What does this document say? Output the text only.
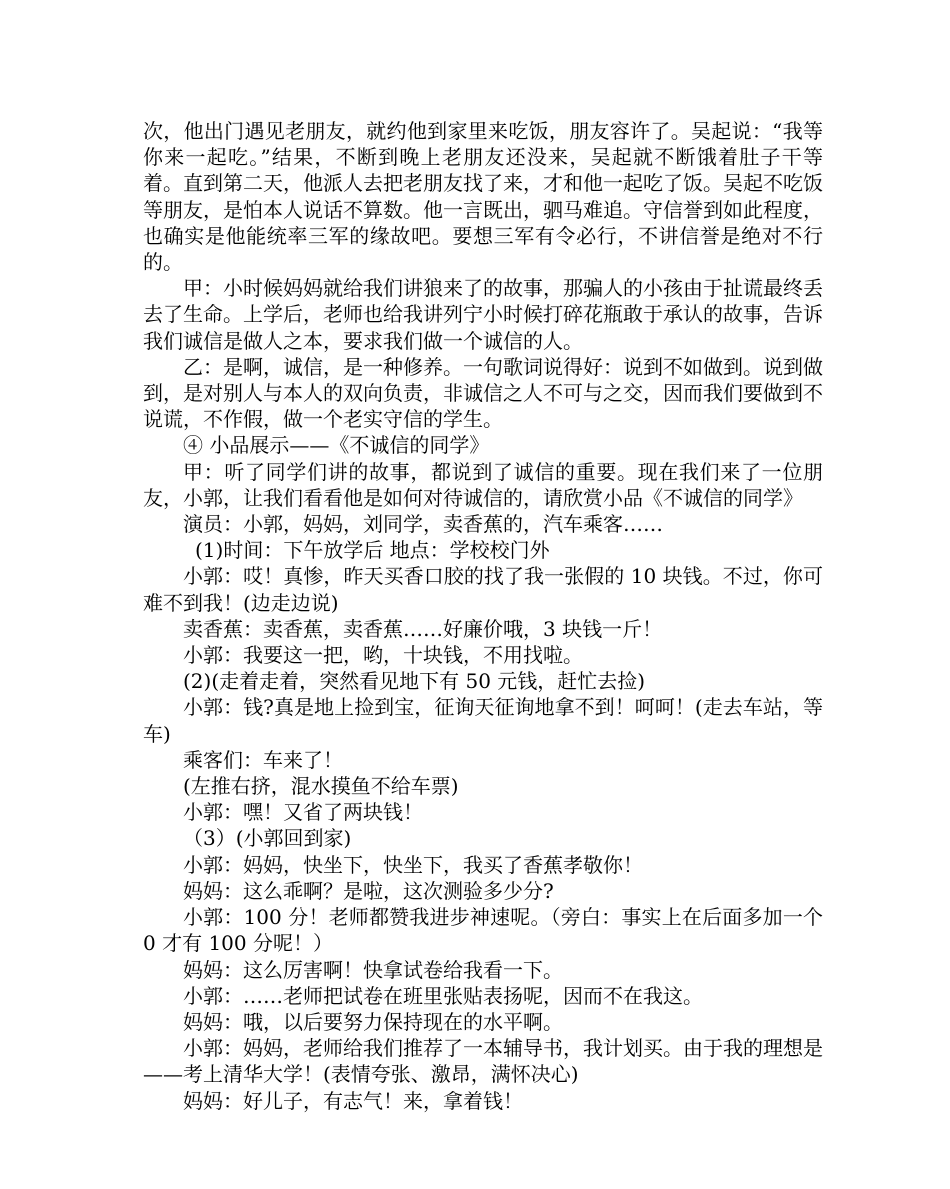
次，他出门遇见老朋友，就约他到家里来吃饭，朋友容许了。吴起说：“我等你来一起吃。”结果，不断到晚上老朋友还没来，吴起就不断饿着肚子干等着。直到第二天，他派人去把老朋友找了来，才和他一起吃了饭。吴起不吃饭等朋友，是怕本人说话不算数。他一言既出，驷马难追。守信誉到如此程度，也确实是他能统率三军的缘故吧。要想三军有令必行，不讲信誉是绝对不行的。

甲：小时候妈妈就给我们讲狼来了的故事，那骗人的小孩由于扯谎最终丢去了生命。上学后，老师也给我讲列宁小时候打碎花瓶敢于承认的故事，告诉我们诚信是做人之本，要求我们做一个诚信的人。

乙：是啊，诚信，是一种修养。一句歌词说得好：说到不如做到。说到做到，是对别人与本人的双向负责，非诚信之人不可与之交，因而我们要做到不说谎，不作假，做一个老实守信的学生。

④ 小品展示——《不诚信的同学》

甲：听了同学们讲的故事，都说到了诚信的重要。现在我们来了一位朋友，小郭，让我们看看他是如何对待诚信的，请欣赏小品《不诚信的同学》

演员：小郭，妈妈，刘同学，卖香蕉的，汽车乘客……

(1)时间：下午放学后 地点：学校校门外

小郭：哎！真惨，昨天买香口胶的找了我一张假的 10 块钱。不过，你可难不到我！(边走边说)

卖香蕉：卖香蕉，卖香蕉……好廉价哦，3 块钱一斤！

小郭：我要这一把，哟，十块钱，不用找啦。

(2)(走着走着，突然看见地下有 50 元钱，赶忙去捡)

小郭：钱?真是地上捡到宝，征询天征询地拿不到！呵呵！(走去车站，等车)

乘客们：车来了！

(左推右挤，混水摸鱼不给车票)

小郭：嘿！又省了两块钱！

（3）(小郭回到家)

小郭：妈妈，快坐下，快坐下，我买了香蕉孝敬你！

妈妈：这么乖啊？是啦，这次测验多少分?

小郭：100 分！老师都赞我进步神速呢。（旁白：事实上在后面多加一个 0 才有 100 分呢！）

妈妈：这么厉害啊！快拿试卷给我看一下。

小郭：……老师把试卷在班里张贴表扬呢，因而不在我这。

妈妈：哦，以后要努力保持现在的水平啊。

小郭：妈妈，老师给我们推荐了一本辅导书，我计划买。由于我的理想是——考上清华大学！(表情夸张、激昂，满怀决心)

妈妈：好儿子，有志气！来，拿着钱！
